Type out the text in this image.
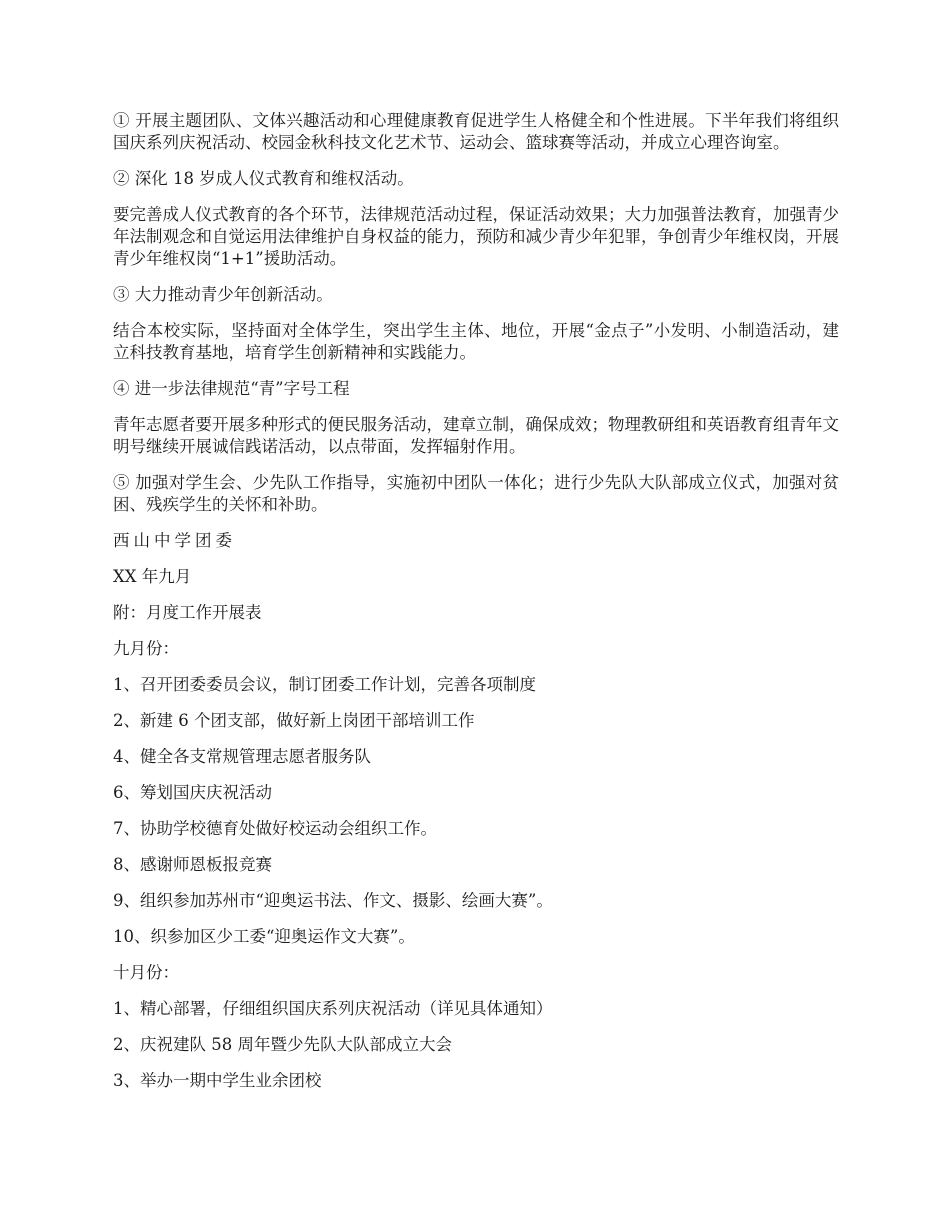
① 开展主题团队、文体兴趣活动和心理健康教育促进学生人格健全和个性进展。下半年我们将组织国庆系列庆祝活动、校园金秋科技文化艺术节、运动会、篮球赛等活动，并成立心理咨询室。

② 深化 18 岁成人仪式教育和维权活动。

要完善成人仪式教育的各个环节，法律规范活动过程，保证活动效果；大力加强普法教育，加强青少年法制观念和自觉运用法律维护自身权益的能力，预防和减少青少年犯罪，争创青少年维权岗，开展青少年维权岗“1+1”援助活动。

③ 大力推动青少年创新活动。

结合本校实际，坚持面对全体学生，突出学生主体、地位，开展“金点子”小发明、小制造活动，建立科技教育基地，培育学生创新精神和实践能力。

④ 进一步法律规范“青”字号工程

青年志愿者要开展多种形式的便民服务活动，建章立制，确保成效；物理教研组和英语教育组青年文明号继续开展诚信践诺活动，以点带面，发挥辐射作用。

⑤ 加强对学生会、少先队工作指导，实施初中团队一体化；进行少先队大队部成立仪式，加强对贫困、残疾学生的关怀和补助。

西山中学团委

XX 年九月

附：月度工作开展表

九月份：

1、召开团委委员会议，制订团委工作计划，完善各项制度

2、新建 6 个团支部，做好新上岗团干部培训工作

4、健全各支常规管理志愿者服务队

6、筹划国庆庆祝活动

7、协助学校德育处做好校运动会组织工作。

8、感谢师恩板报竞赛

9、组织参加苏州市“迎奥运书法、作文、摄影、绘画大赛”。

10、织参加区少工委“迎奥运作文大赛”。

十月份：

1、精心部署，仔细组织国庆系列庆祝活动（详见具体通知）

2、庆祝建队 58 周年暨少先队大队部成立大会

3、举办一期中学生业余团校
